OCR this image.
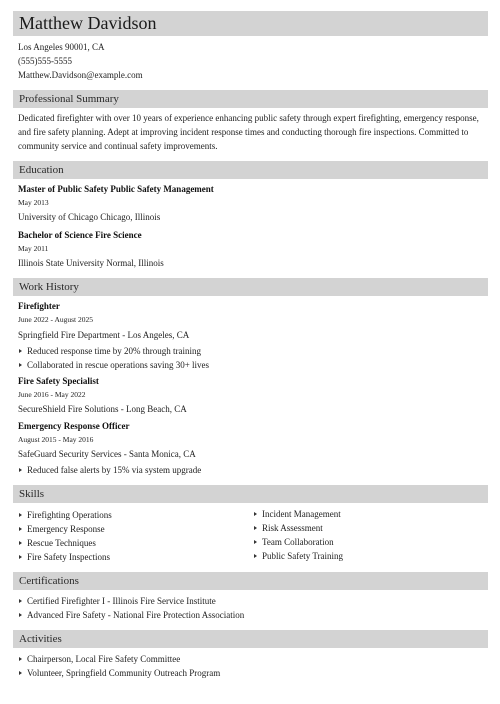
Matthew Davidson
Los Angeles 90001, CA
(555)555-5555
Matthew.Davidson@example.com
Professional Summary
Dedicated firefighter with over 10 years of experience enhancing public safety through expert firefighting, emergency response, and fire safety planning. Adept at improving incident response times and conducting thorough fire inspections. Committed to community service and continual safety improvements.
Education
Master of Public Safety Public Safety Management
May 2013
University of Chicago Chicago, Illinois
Bachelor of Science Fire Science
May 2011
Illinois State University Normal, Illinois
Work History
Firefighter
June 2022 - August 2025
Springfield Fire Department - Los Angeles, CA
Reduced response time by 20% through training
Collaborated in rescue operations saving 30+ lives
Fire Safety Specialist
June 2016 - May 2022
SecureShield Fire Solutions - Long Beach, CA
Emergency Response Officer
August 2015 - May 2016
SafeGuard Security Services - Santa Monica, CA
Reduced false alerts by 15% via system upgrade
Skills
Firefighting Operations
Emergency Response
Rescue Techniques
Fire Safety Inspections
Incident Management
Risk Assessment
Team Collaboration
Public Safety Training
Certifications
Certified Firefighter I - Illinois Fire Service Institute
Advanced Fire Safety - National Fire Protection Association
Activities
Chairperson, Local Fire Safety Committee
Volunteer, Springfield Community Outreach Program
